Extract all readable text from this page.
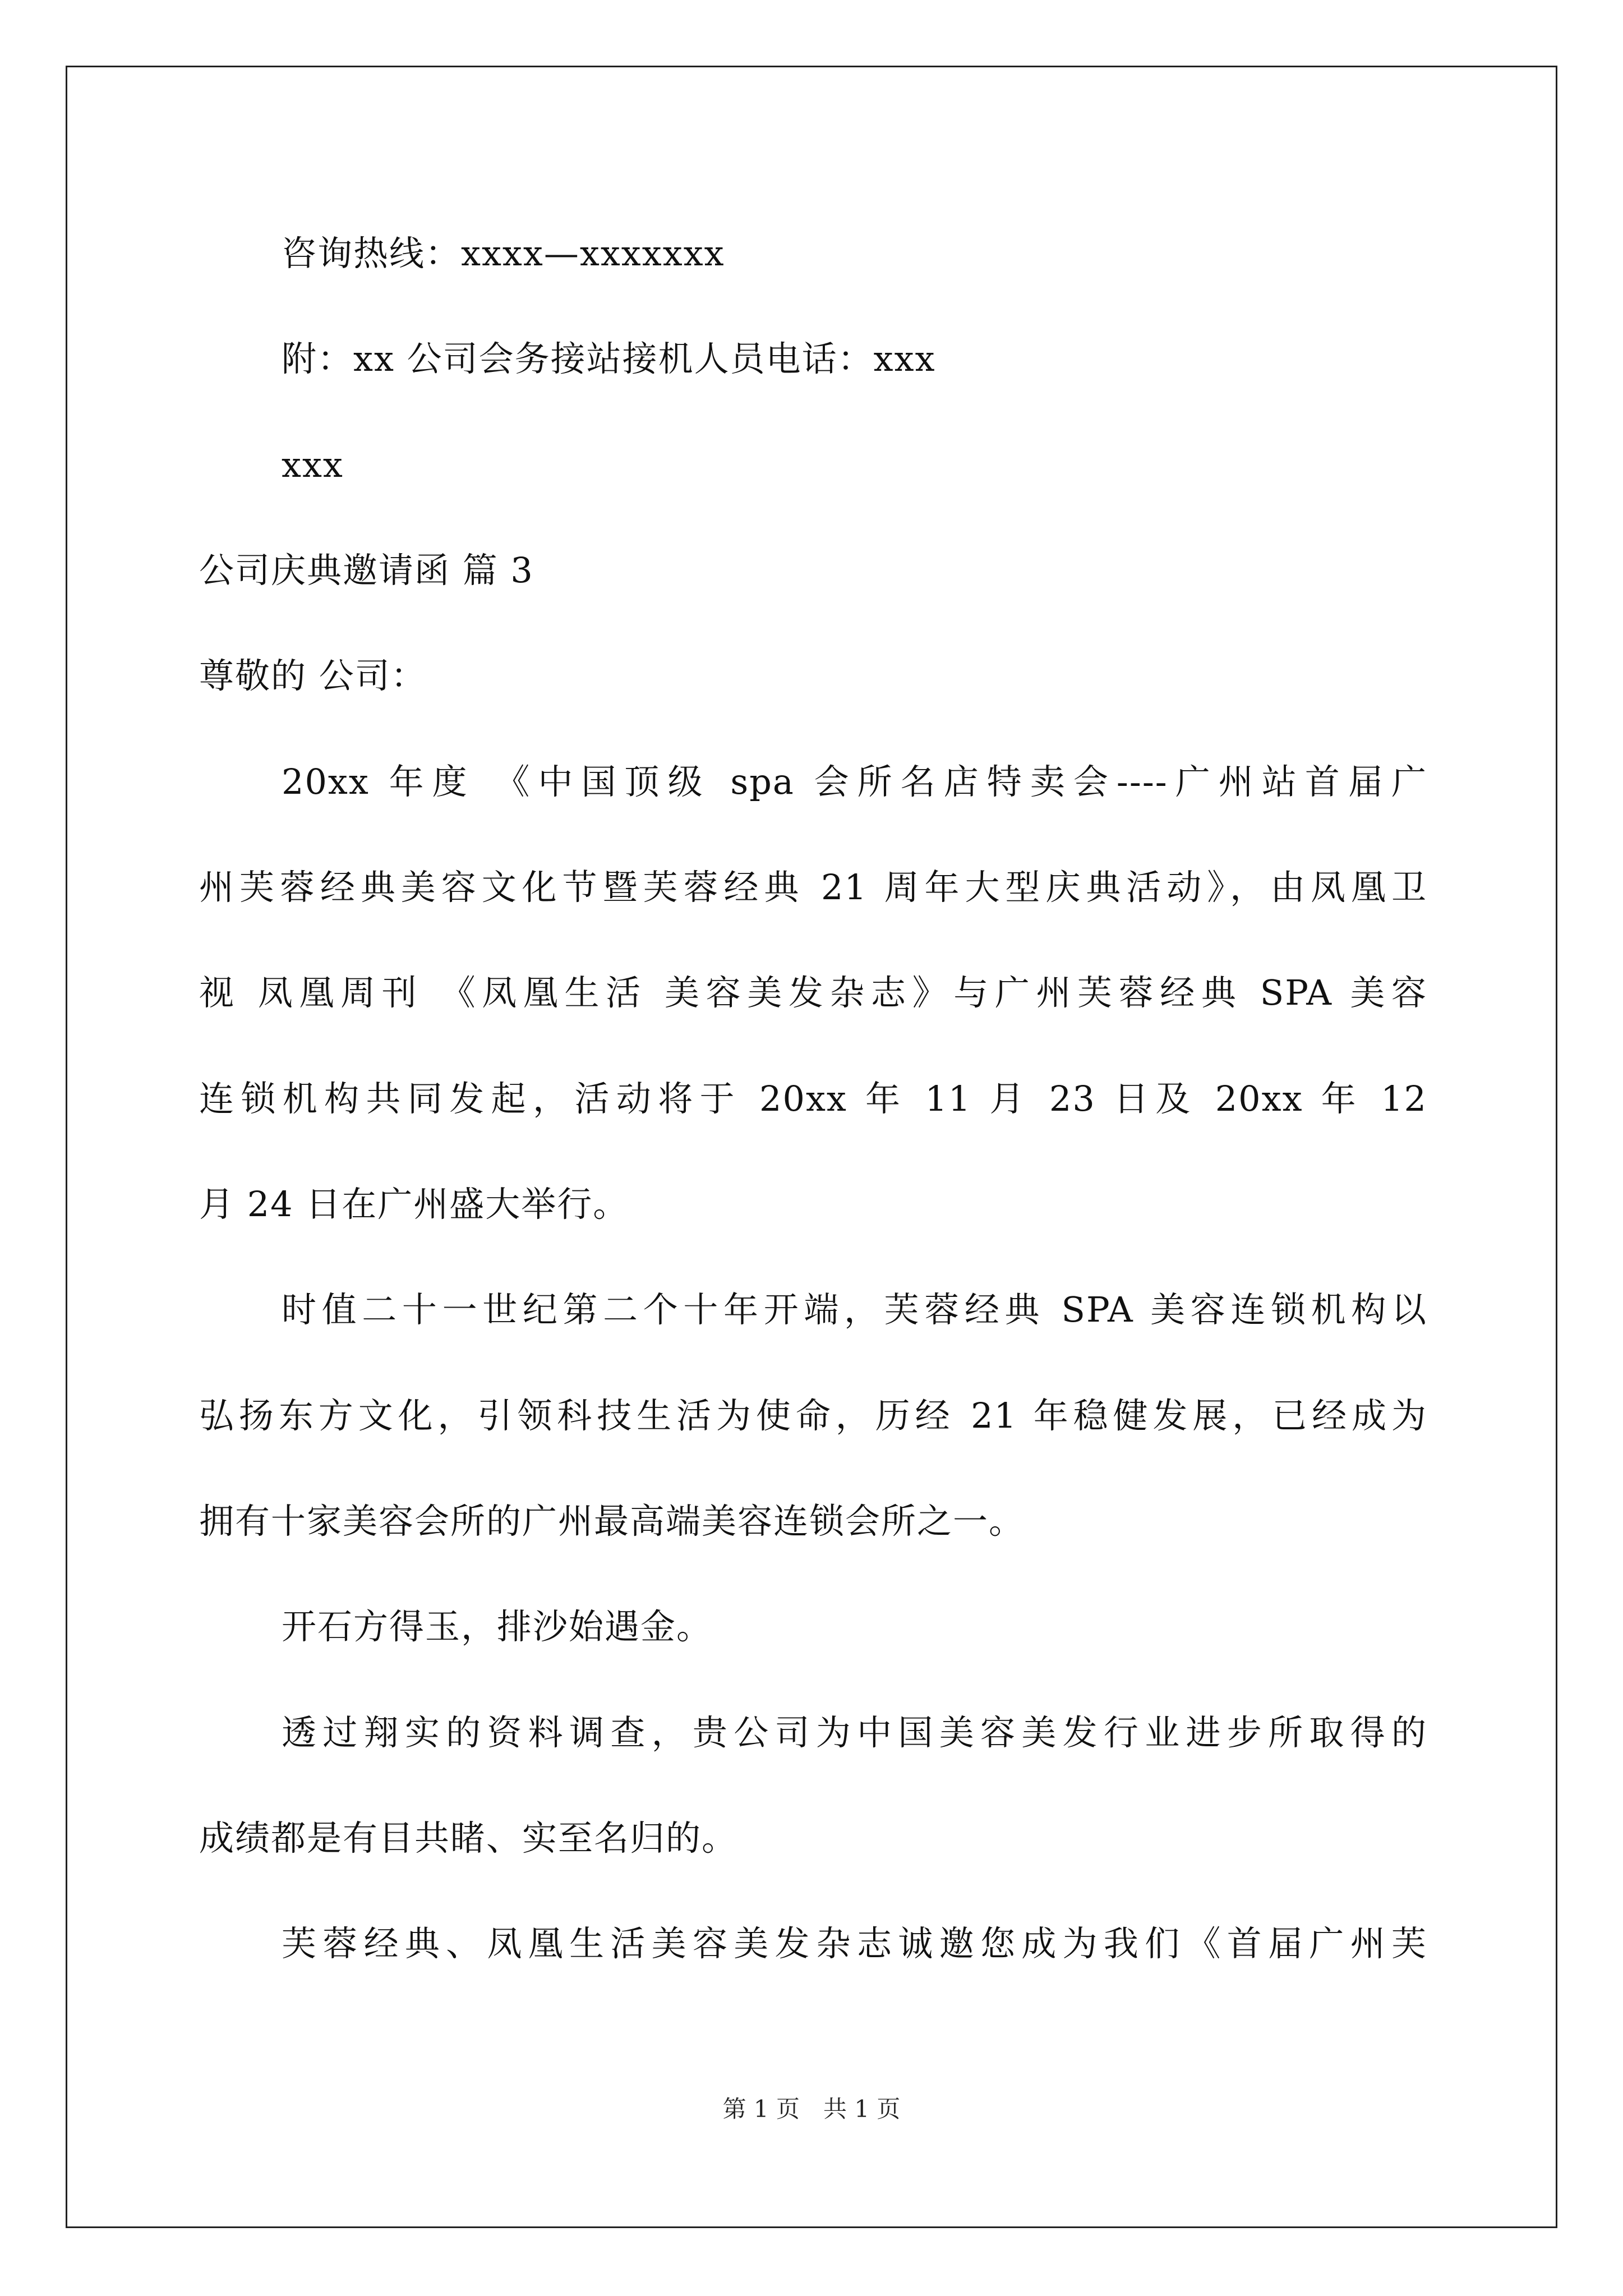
咨询热线：xxxx—xxxxxxx
附：xx 公司会务接站接机人员电话：xxx
xxx
公司庆典邀请函 篇 3
尊敬的 公司：
20xx 年度 《中国顶级 spa 会所名店特卖会----广州站首届广
州芙蓉经典美容文化节暨芙蓉经典 21 周年大型庆典活动》，由凤凰卫
视 凤凰周刊 《凤凰生活 美容美发杂志》与广州芙蓉经典 SPA 美容
连锁机构共同发起，活动将于 20xx 年 11 月 23 日及 20xx 年 12
月 24 日在广州盛大举行。
时值二十一世纪第二个十年开端，芙蓉经典 SPA 美容连锁机构以
弘扬东方文化，引领科技生活为使命，历经 21 年稳健发展，已经成为
拥有十家美容会所的广州最高端美容连锁会所之一。
开石方得玉，排沙始遇金。
透过翔实的资料调查，贵公司为中国美容美发行业进步所取得的
成绩都是有目共睹、实至名归的。
芙蓉经典、凤凰生活美容美发杂志诚邀您成为我们《首届广州芙
第 1 页　共 1 页
